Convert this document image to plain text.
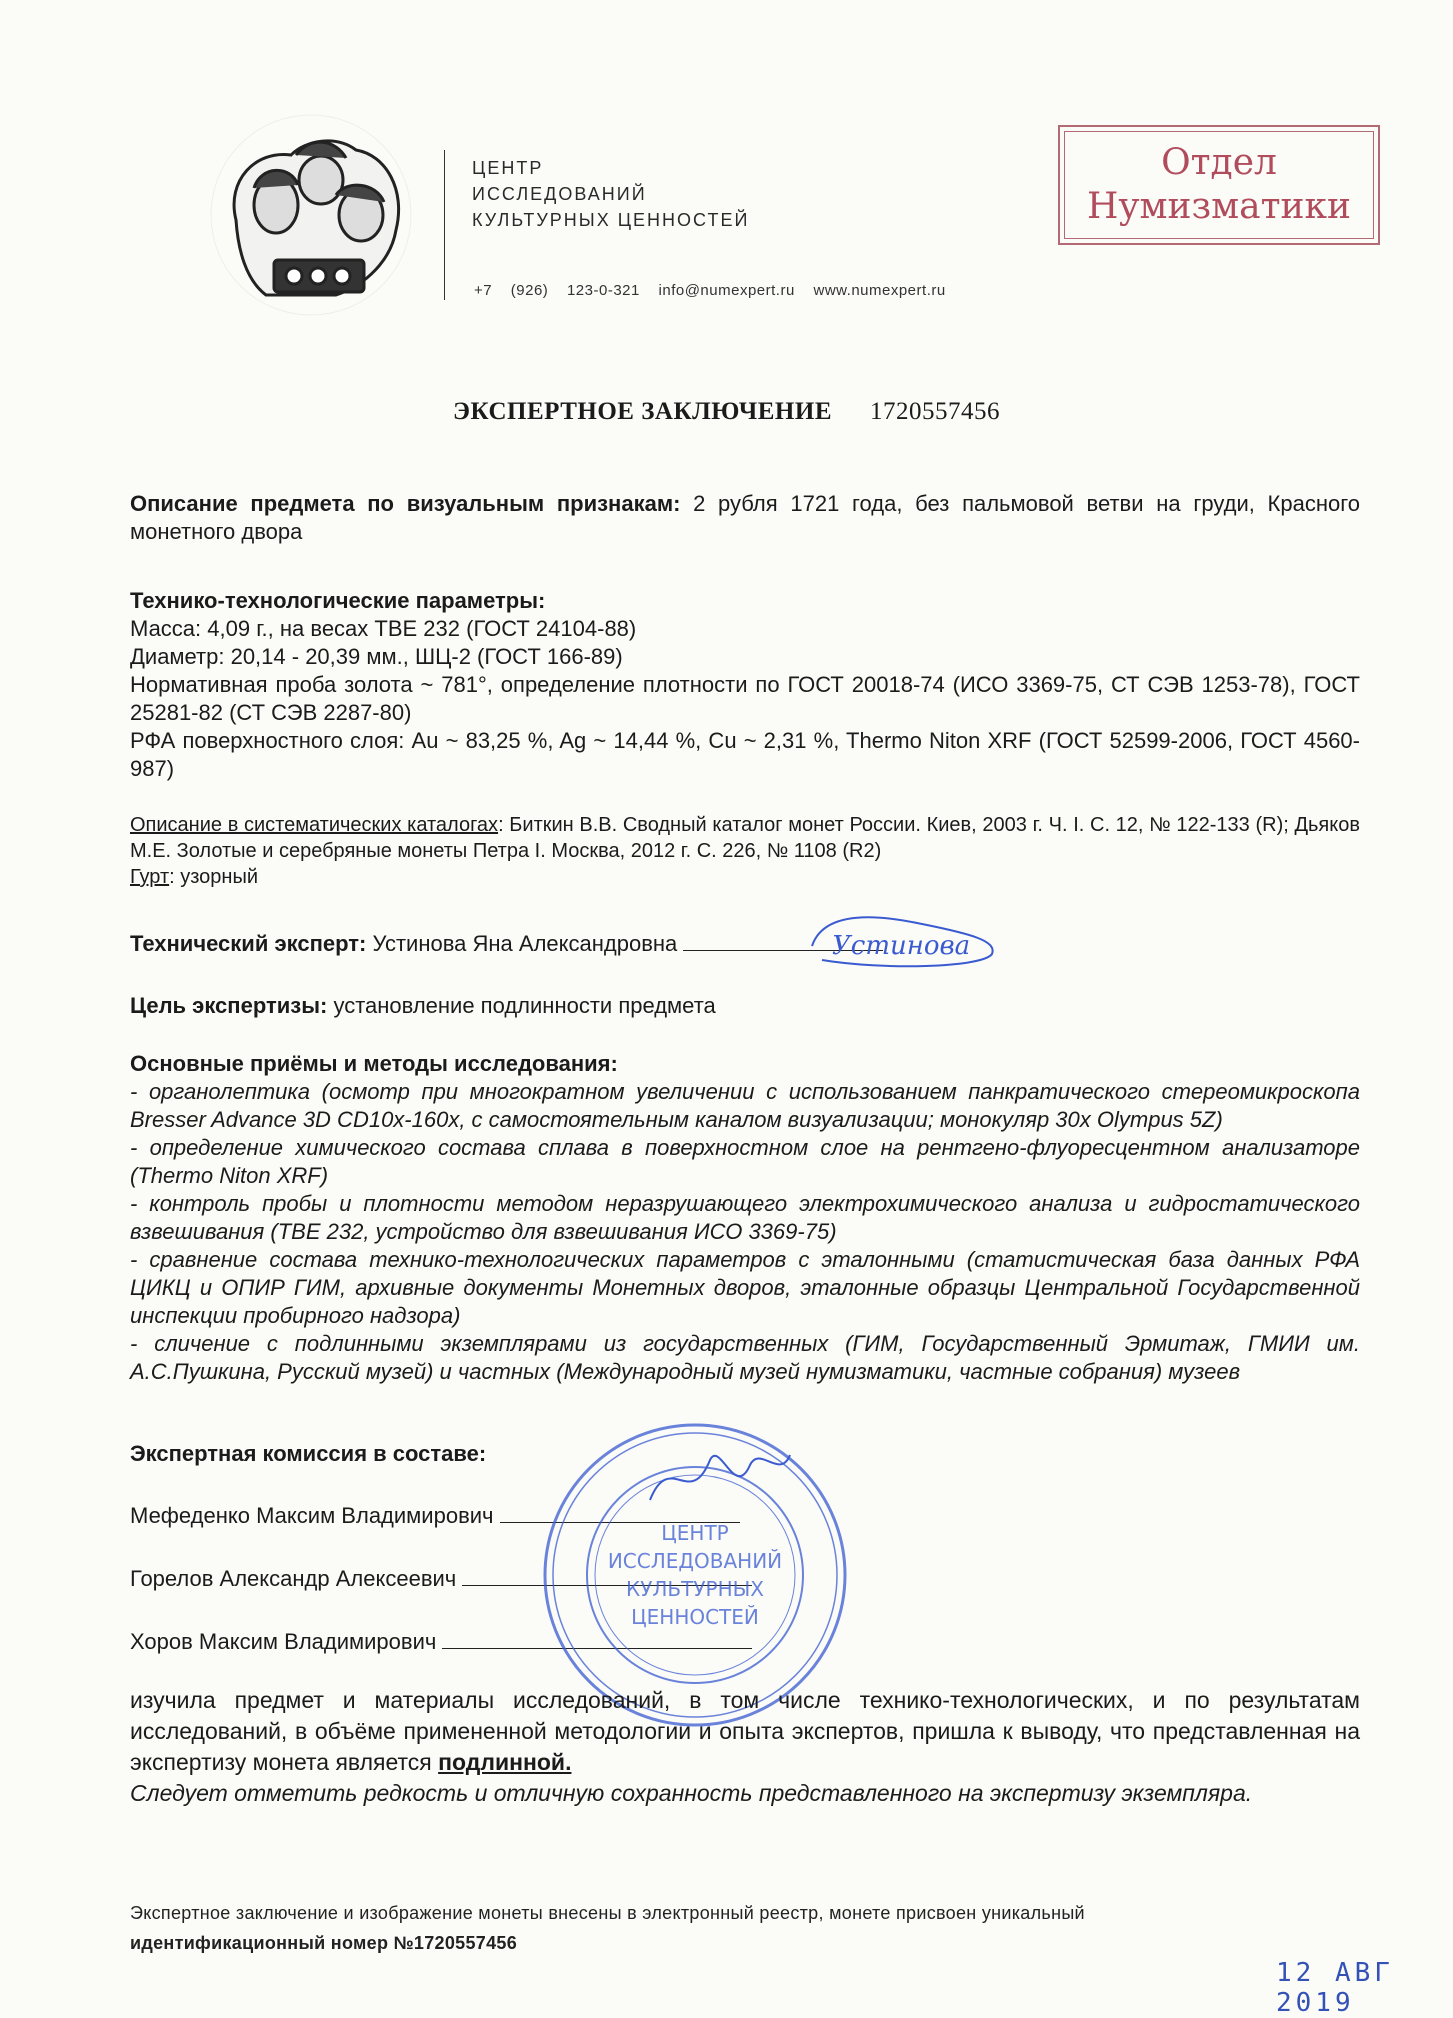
ЦЕНТР
ИССЛЕДОВАНИЙ
КУЛЬТУРНЫХ ЦЕННОСТЕЙ
+7 (926) 123-0-321 info@numexpert.ru www.numexpert.ru
Отдел
Нумизматики
ЭКСПЕРТНОЕ ЗАКЛЮЧЕНИЕ 1720557456
Описание предмета по визуальным признакам: 2 рубля 1721 года, без пальмовой ветви на груди, Красного монетного двора
Технико-технологические параметры:
Масса: 4,09 г., на весах ТВЕ 232 (ГОСТ 24104-88)
Диаметр: 20,14 - 20,39 мм., ШЦ-2 (ГОСТ 166-89)
Нормативная проба золота ~ 781°, определение плотности по ГОСТ 20018-74 (ИСО 3369-75, СТ СЭВ 1253-78), ГОСТ 25281-82 (СТ СЭВ 2287-80)
РФА поверхностного слоя: Au ~ 83,25 %, Ag ~ 14,44 %, Cu ~ 2,31 %, Thermo Niton XRF (ГОСТ 52599-2006, ГОСТ 4560-987)
Описание в систематических каталогах: Биткин В.В. Сводный каталог монет России. Киев, 2003 г. Ч. I. С. 12, № 122-133 (R); Дьяков М.Е. Золотые и серебряные монеты Петра I. Москва, 2012 г. С. 226, № 1108 (R2)
Гурт: узорный
Технический эксперт: Устинова Яна Александровна	Устинова
Цель экспертизы: установление подлинности предмета
Основные приёмы и методы исследования:
- органолептика (осмотр при многократном увеличении с использованием панкратического стереомикроскопа Bresser Advance 3D CD10x-160x, с самостоятельным каналом визуализации; монокуляр 30x Olympus 5Z)
- определение химического состава сплава в поверхностном слое на рентгено-флуоресцентном анализаторе (Thermo Niton XRF)
- контроль пробы и плотности методом неразрушающего электрохимического анализа и гидростатического взвешивания (ТВЕ 232, устройство для взвешивания ИСО 3369-75)
- сравнение состава технико-технологических параметров с эталонными (статистическая база данных РФА ЦИКЦ и ОПИР ГИМ, архивные документы Монетных дворов, эталонные образцы Центральной Государственной инспекции пробирного надзора)
- сличение с подлинными экземплярами из государственных (ГИМ, Государственный Эрмитаж, ГМИИ им. А.С.Пушкина, Русский музей) и частных (Международный музей нумизматики, частные собрания) музеев
Экспертная комиссия в составе:
Мефеденко Максим Владимирович
Горелов Александр Алексеевич
Хоров Максим Владимирович
ЦЕНТР
ИССЛЕДОВАНИЙ
КУЛЬТУРНЫХ
ЦЕННОСТЕЙ
изучила предмет и материалы исследований, в том числе технико-технологических, и по результатам исследований, в объёме примененной методологии и опыта экспертов, пришла к выводу, что представленная на экспертизу монета является подлинной.
Следует отметить редкость и отличную сохранность представленного на экспертизу экземпляра.
Экспертное заключение и изображение монеты внесены в электронный реестр, монете присвоен уникальный
идентификационный номер №1720557456
12 АВГ 2019
